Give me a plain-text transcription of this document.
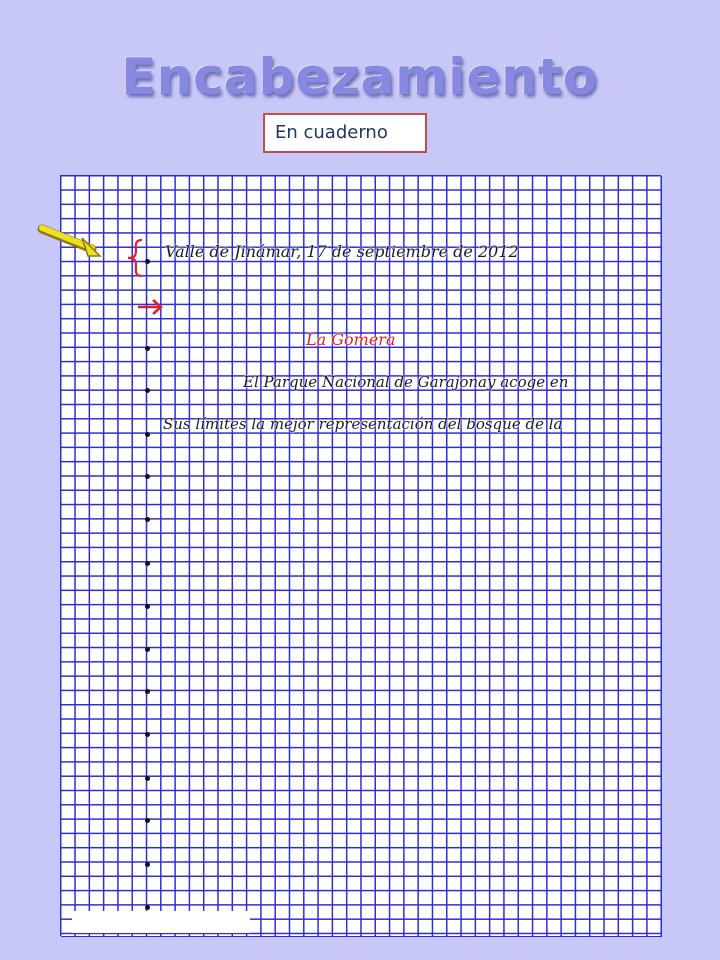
Encabezamiento
En cuaderno
Valle de Jinámar, 17 de septiembre de 2012
La Gomera
El Parque Nacional de Garajonay acoge en
Sus límites la mejor representación del bosque de la
